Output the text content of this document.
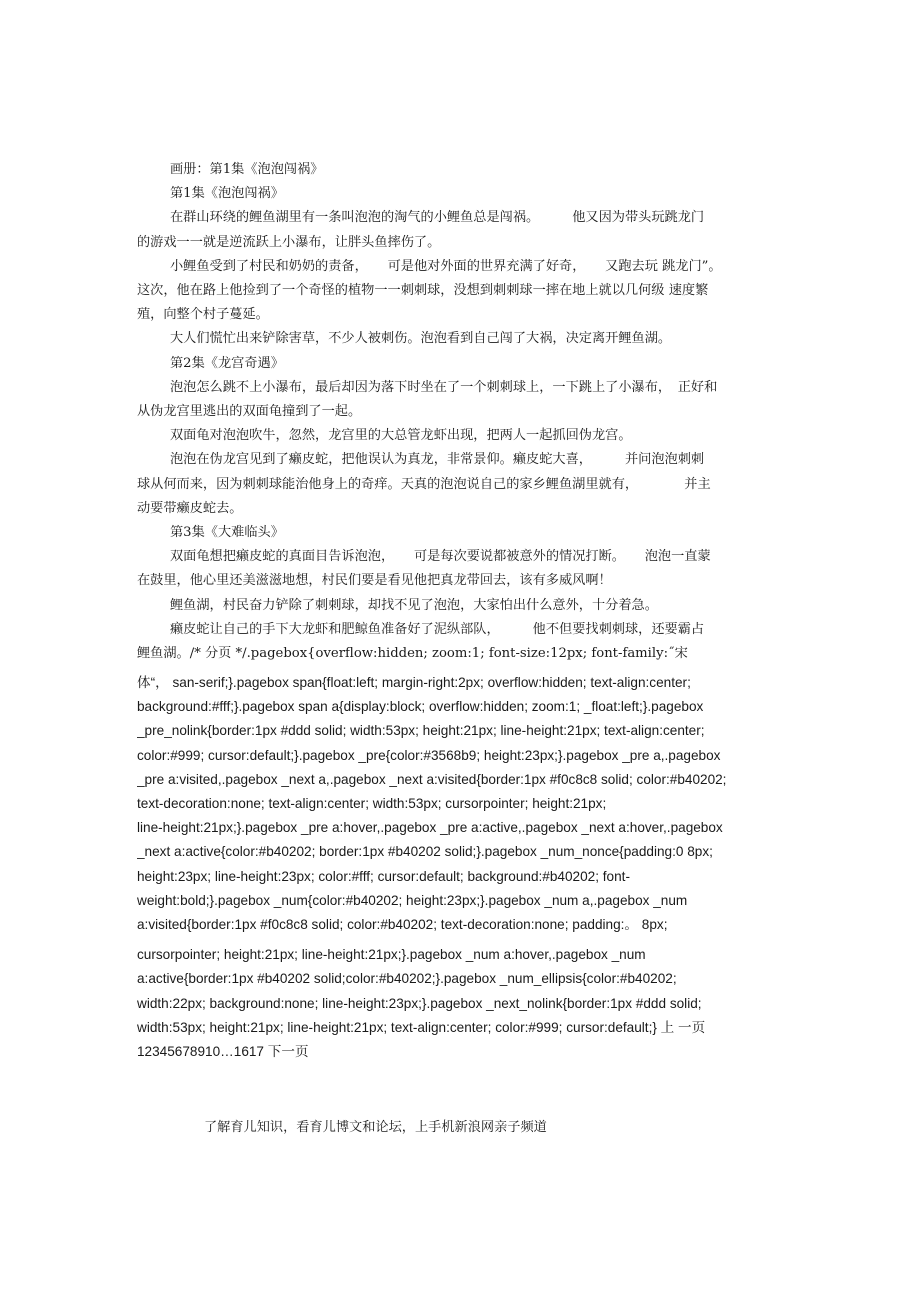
画册：第1集《泡泡闯祸》
第1集《泡泡闯祸》
在群山环绕的鲤鱼湖里有一条叫泡泡的淘气的小鲤鱼总是闯祸。　　　他又因为带头玩跳龙门
的游戏一一就是逆流跃上小瀑布，让胖头鱼摔伤了。
小鲤鱼受到了村民和奶奶的责备，　　可是他对外面的世界充满了好奇，　　又跑去玩 跳龙门”。
这次，他在路上他捡到了一个奇怪的植物一一刺刺球，没想到刺刺球一摔在地上就以几何级 速度繁
殖，向整个村子蔓延。
大人们慌忙出来铲除害草，不少人被刺伤。泡泡看到自己闯了大祸，决定离开鲤鱼湖。
第2集《龙宫奇遇》
泡泡怎么跳不上小瀑布，最后却因为落下时坐在了一个刺刺球上，一下跳上了小瀑布，　正好和
从伪龙宫里逃出的双面龟撞到了一起。
双面龟对泡泡吹牛，忽然，龙宫里的大总管龙虾出现，把两人一起抓回伪龙宫。
泡泡在伪龙宫见到了癞皮蛇，把他误认为真龙，非常景仰。癞皮蛇大喜，　　　并问泡泡刺刺
球从何而来，因为刺刺球能治他身上的奇痒。天真的泡泡说自己的家乡鲤鱼湖里就有，　　　　并主
动要带癞皮蛇去。
第3集《大难临头》
双面龟想把癞皮蛇的真面目告诉泡泡，　　可是每次要说都被意外的情况打断。　　泡泡一直蒙
在鼓里，他心里还美滋滋地想，村民们要是看见他把真龙带回去，该有多威风啊！
鲤鱼湖，村民奋力铲除了刺刺球，却找不见了泡泡，大家怕出什么意外，十分着急。
癞皮蛇让自己的手下大龙虾和肥鲸鱼准备好了泥纵部队，　　　他不但要找刺刺球，还要霸占
鲤鱼湖。/* 分页 */.pagebox{overflow:hidden; zoom:1; font-size:12px; font-family:˝宋
体“， san-serif;}.pagebox span{float:left; margin-right:2px; overflow:hidden; text-align:center;
background:#fff;}.pagebox span a{display:block; overflow:hidden; zoom:1; _float:left;}.pagebox
_pre_nolink{border:1px #ddd solid; width:53px; height:21px; line-height:21px; text-align:center;
color:#999; cursor:default;}.pagebox _pre{color:#3568b9; height:23px;}.pagebox _pre a,.pagebox
_pre a:visited,.pagebox _next a,.pagebox _next a:visited{border:1px #f0c8c8 solid; color:#b40202;
text-decoration:none; text-align:center; width:53px; cursorpointer; height:21px;
line-height:21px;}.pagebox _pre a:hover,.pagebox _pre a:active,.pagebox _next a:hover,.pagebox
_next a:active{color:#b40202; border:1px #b40202 solid;}.pagebox _num_nonce{padding:0 8px;
height:23px; line-height:23px; color:#fff; cursor:default; background:#b40202; font-
weight:bold;}.pagebox _num{color:#b40202; height:23px;}.pagebox _num a,.pagebox _num
a:visited{border:1px #f0c8c8 solid; color:#b40202; text-decoration:none; padding:。 8px;
cursorpointer; height:21px; line-height:21px;}.pagebox _num a:hover,.pagebox _num
a:active{border:1px #b40202 solid;color:#b40202;}.pagebox _num_ellipsis{color:#b40202;
width:22px; background:none; line-height:23px;}.pagebox _next_nolink{border:1px #ddd solid;
width:53px; height:21px; line-height:21px; text-align:center; color:#999; cursor:default;} 上 一页
12345678910…1617 下一页
了解育儿知识，看育儿博文和论坛，上手机新浪网亲子频道
